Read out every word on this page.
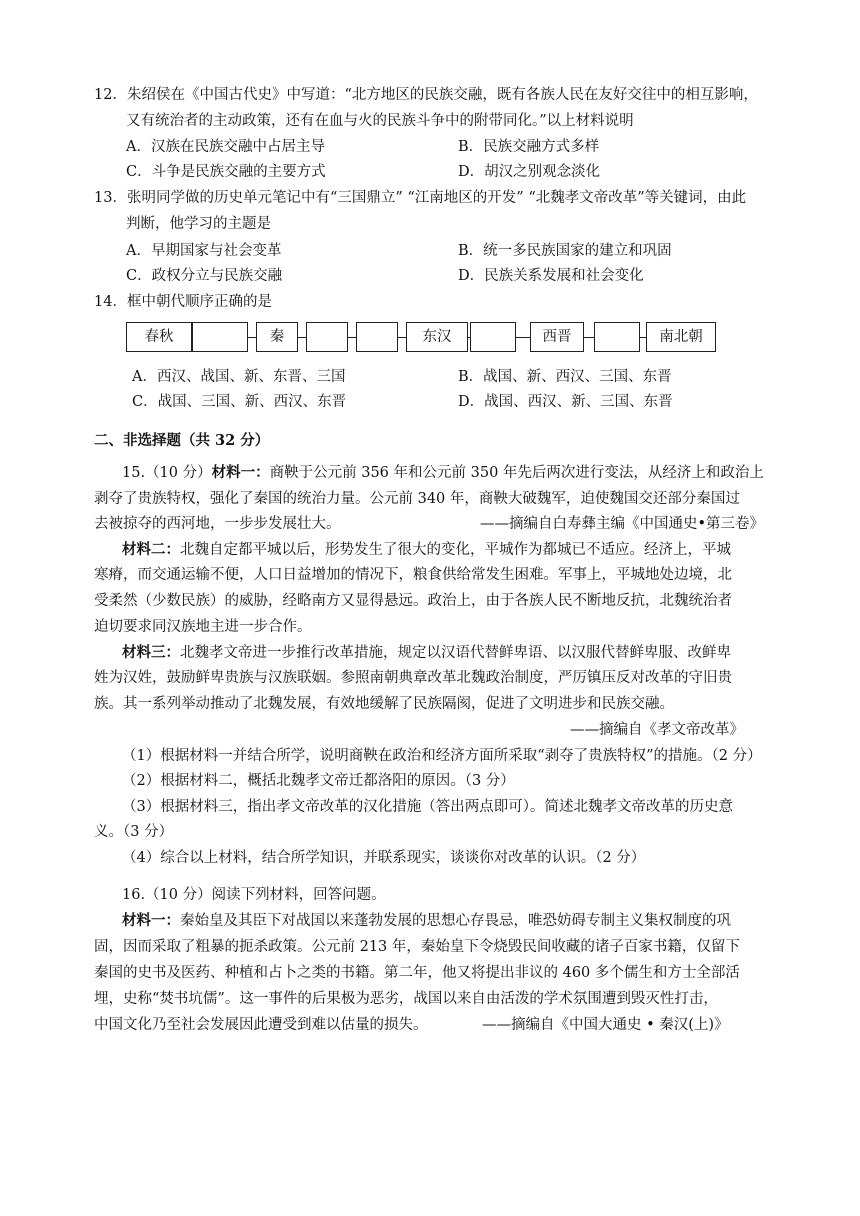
12．朱绍侯在《中国古代史》中写道：“北方地区的民族交融，既有各族人民在友好交往中的相互影响，
又有统治者的主动政策，还有在血与火的民族斗争中的附带同化。”以上材料说明
A．汉族在民族交融中占居主导	B．民族交融方式多样
C．斗争是民族交融的主要方式	D．胡汉之别观念淡化
13．张明同学做的历史单元笔记中有“三国鼎立” “江南地区的开发” “北魏孝文帝改革”等关键词，由此
判断，他学习的主题是
A．早期国家与社会变革	B．统一多民族国家的建立和巩固
C．政权分立与民族交融	D．民族关系发展和社会变化
14．框中朝代顺序正确的是
春秋	秦	东汉	西晋	南北朝
A．西汉、战国、新、东晋、三国	B．战国、新、西汉、三国、东晋
C．战国、三国、新、西汉、东晋	D．战国、西汉、新、三国、东晋
二、非选择题（共 32 分）
15.（10 分）材料一：商鞅于公元前 356 年和公元前 350 年先后两次进行变法，从经济上和政治上
剥夺了贵族特权，强化了秦国的统治力量。公元前 340 年，商鞅大破魏军，迫使魏国交还部分秦国过
去被掠夺的西河地，一步步发展壮大。	——摘编自白寿彝主编《中国通史•第三卷》
材料二：北魏自定都平城以后，形势发生了很大的变化，平城作为都城已不适应。经济上，平城
寒瘠，而交通运输不便，人口日益增加的情况下，粮食供给常发生困难。军事上，平城地处边境，北
受柔然（少数民族）的威胁，经略南方又显得悬远。政治上，由于各族人民不断地反抗，北魏统治者
迫切要求同汉族地主进一步合作。
材料三：北魏孝文帝进一步推行改革措施，规定以汉语代替鲜卑语、以汉服代替鲜卑服、改鲜卑
姓为汉姓，鼓励鲜卑贵族与汉族联姻。参照南朝典章改革北魏政治制度，严厉镇压反对改革的守旧贵
族。其一系列举动推动了北魏发展，有效地缓解了民族隔阂，促进了文明进步和民族交融。
——摘编自《孝文帝改革》
（1）根据材料一并结合所学，说明商鞅在政治和经济方面所采取“剥夺了贵族特权”的措施。（2 分）
（2）根据材料二，概括北魏孝文帝迁都洛阳的原因。（3 分）
（3）根据材料三，指出孝文帝改革的汉化措施（答出两点即可）。简述北魏孝文帝改革的历史意
义。（3 分）
（4）综合以上材料，结合所学知识，并联系现实，谈谈你对改革的认识。（2 分）
16.（10 分）阅读下列材料，回答问题。
材料一：秦始皇及其臣下对战国以来蓬勃发展的思想心存畏忌，唯恐妨碍专制主义集权制度的巩
固，因而采取了粗暴的扼杀政策。公元前 213 年，秦始皇下令烧毁民间收藏的诸子百家书籍，仅留下
秦国的史书及医药、种植和占卜之类的书籍。第二年，他又将提出非议的 460 多个儒生和方士全部活
埋，史称“焚书坑儒”。这一事件的后果极为恶劣，战国以来自由活泼的学术氛围遭到毁灭性打击，
中国文化乃至社会发展因此遭受到难以估量的损失。	——摘编自《中国大通史 • 秦汉(上)》
